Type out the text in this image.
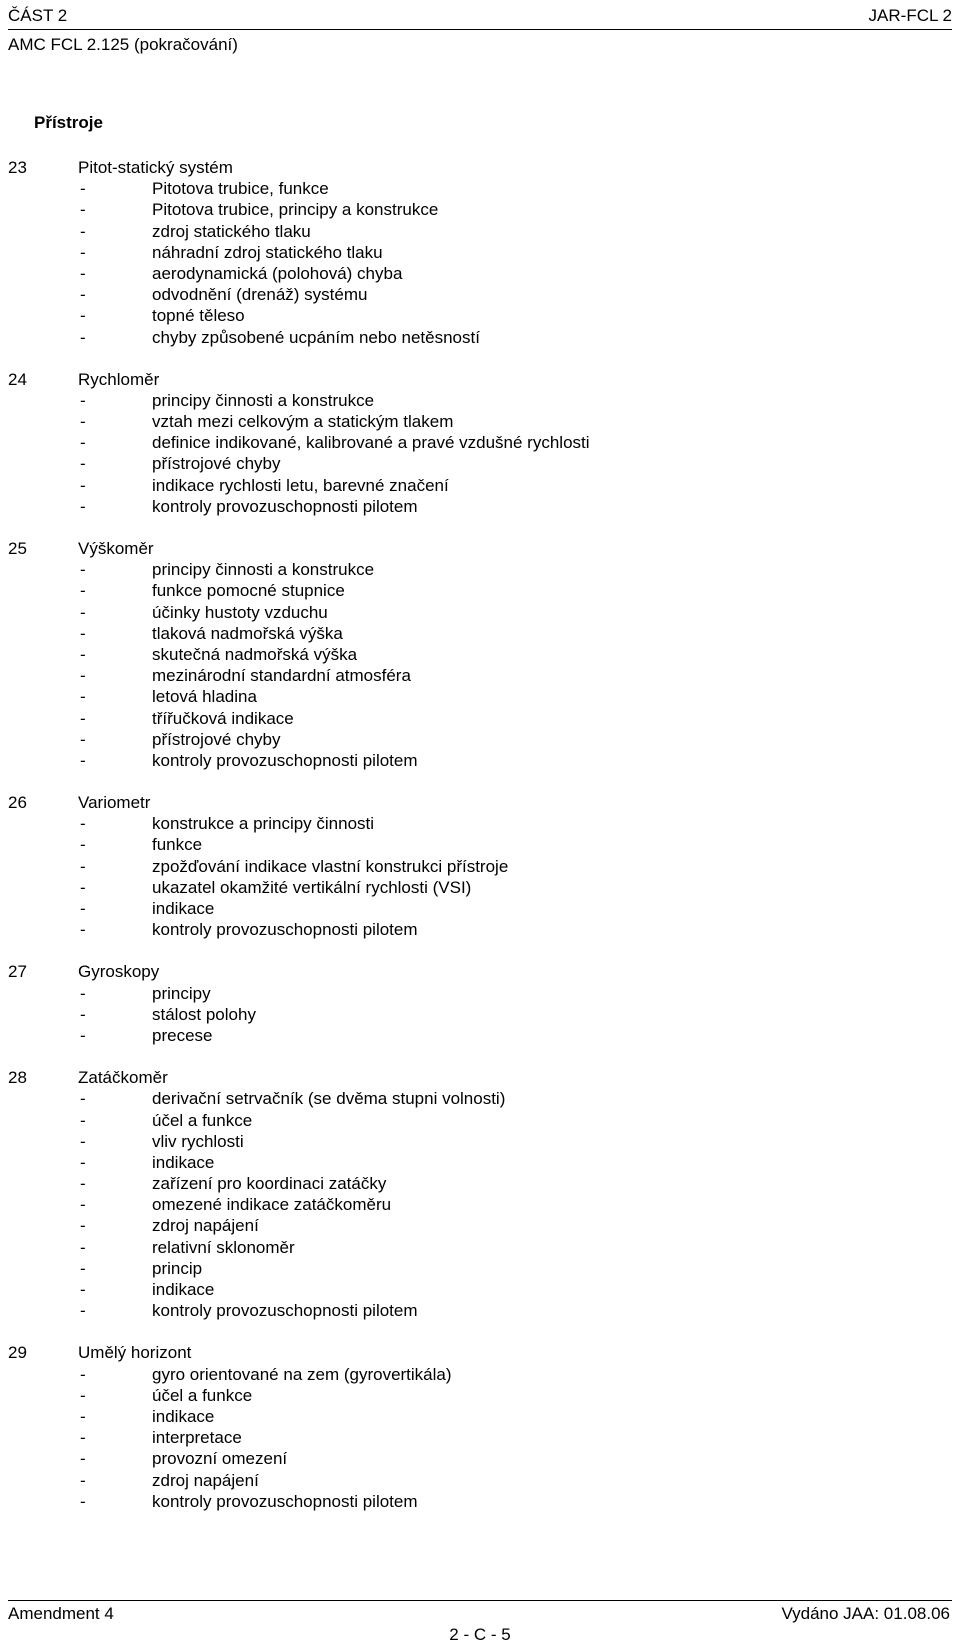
ČÁST 2	JAR-FCL 2
AMC FCL 2.125 (pokračování)
Přístroje
23	Pitot-statický systém
-	Pitotova trubice, funkce
-	Pitotova trubice, principy a konstrukce
-	zdroj statického tlaku
-	náhradní zdroj statického tlaku
-	aerodynamická (polohová) chyba
-	odvodnění (drenáž) systému
-	topné těleso
-	chyby způsobené ucpáním nebo netěsností
24	Rychloměr
-	principy činnosti a konstrukce
-	vztah mezi celkovým a statickým tlakem
-	definice indikované, kalibrované a pravé vzdušné rychlosti
-	přístrojové chyby
-	indikace rychlosti letu, barevné značení
-	kontroly provozuschopnosti pilotem
25	Výškoměr
-	principy činnosti a konstrukce
-	funkce pomocné stupnice
-	účinky hustoty vzduchu
-	tlaková nadmořská výška
-	skutečná nadmořská výška
-	mezinárodní standardní atmosféra
-	letová hladina
-	třířučková indikace
-	přístrojové chyby
-	kontroly provozuschopnosti pilotem
26	Variometr
-	konstrukce a principy činnosti
-	funkce
-	zpožďování indikace vlastní konstrukci přístroje
-	ukazatel okamžité vertikální rychlosti (VSI)
-	indikace
-	kontroly provozuschopnosti pilotem
27	Gyroskopy
-	principy
-	stálost polohy
-	precese
28	Zatáčkoměr
-	derivační setrvačník (se dvěma stupni volnosti)
-	účel a funkce
-	vliv rychlosti
-	indikace
-	zařízení pro koordinaci zatáčky
-	omezené indikace zatáčkoměru
-	zdroj napájení
-	relativní sklonoměr
-	princip
-	indikace
-	kontroly provozuschopnosti pilotem
29	Umělý horizont
-	gyro orientované na zem (gyrovertikála)
-	účel a funkce
-	indikace
-	interpretace
-	provozní omezení
-	zdroj napájení
-	kontroly provozuschopnosti pilotem
Amendment 4	Vydáno JAA: 01.08.06
2 - C - 5
